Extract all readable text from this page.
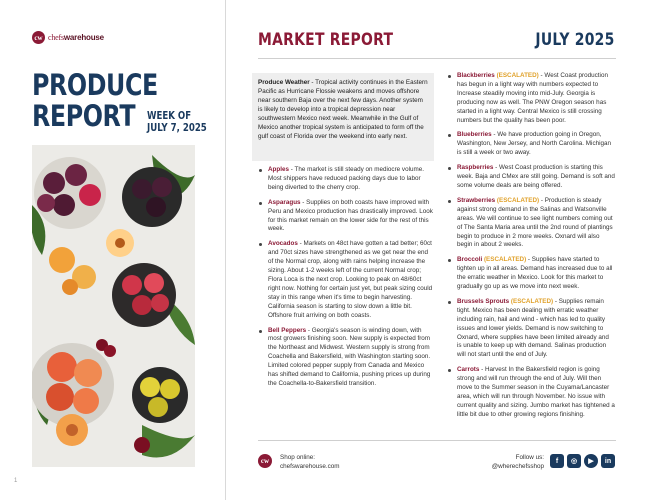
cw chefswarehouse
PRODUCE
REPORT WEEK OF
JULY 7, 2025
1
MARKET REPORT	JULY 2025
Produce Weather - Tropical activity continues in the Eastern Pacific as Hurricane Flossie weakens and moves offshore near southern Baja over the next few days. Another system is likely to develop into a tropical depression near southwestern Mexico next week. Meanwhile in the Gulf of Mexico another tropical system is anticipated to form off the gulf coast of Florida over the weekend into early next.
Apples - The market is still steady on mediocre volume. Most shippers have reduced packing days due to labor being diverted to the cherry crop.
Asparagus - Supplies on both coasts have improved with Peru and Mexico production has drastically improved. Look for this market remain on the lower side for the rest of this week.
Avocados - Markets on 48ct have gotten a tad better; 60ct and 70ct sizes have strengthened as we get near the end of the Normal crop, along with rains helping increase the sizing. About 1-2 weeks left of the current Normal crop; Flora Loca is the next crop. Looking to peak on 48/60ct right now. Nothing for certain just yet, but peak sizing could stay in this range when it's time to begin harvesting. California season is starting to slow down a little bit. Offshore fruit arriving on both coasts.
Bell Peppers - Georgia's season is winding down, with most growers finishing soon. New supply is expected from the Northeast and Midwest. Western supply is strong from Coachella and Bakersfield, with Washington starting soon. Limited colored pepper supply from Canada and Mexico has shifted demand to California, pushing prices up during the Coachella-to-Bakersfield transition.
Blackberries (ESCALATED) - West Coast production has begun in a light way with numbers expected to Increase steadily moving into mid-July. Georgia is producing now as well. The PNW Oregon season has started in a light way. Central Mexico is still crossing numbers but the quality has been poor.
Blueberries - We have production going in Oregon, Washington, New Jersey, and North Carolina. Michigan is still a week or two away.
Raspberries - West Coast production is starting this week. Baja and CMex are still going. Demand is soft and some volume deals are being offered.
Strawberries (ESCALATED) - Production is steady against strong demand in the Salinas and Watsonville areas. We will continue to see light numbers coming out of The Santa Maria area until the 2nd round of plantings begin to produce in 2 more weeks. Oxnard will also begin in about 2 weeks.
Broccoli (ESCALATED) - Supplies have started to tighten up in all areas. Demand has increased due to all the erratic weather in Mexico. Look for this market to gradually go up as we move into next week.
Brussels Sprouts (ESCALATED) - Supplies remain tight. Mexico has been dealing with erratic weather including rain, hail and wind - which has led to quality issues and lower yields. Demand is now switching to Oxnard, where supplies have been limited already and is unable to keep up with demand. Salinas production will not start until the end of July.
Carrots - Harvest In the Bakersfield region is going strong and will run through the end of July. Will then move to the Summer season in the Cuyama/Lancaster area, which will run through November. No issue with current quality and sizing. Jumbo market has tightened a little bit due to other growing regions finishing.
cw	Shop online:
chefswarehouse.com
Follow us:
@wherechefsshop
f	◎	▶	in
